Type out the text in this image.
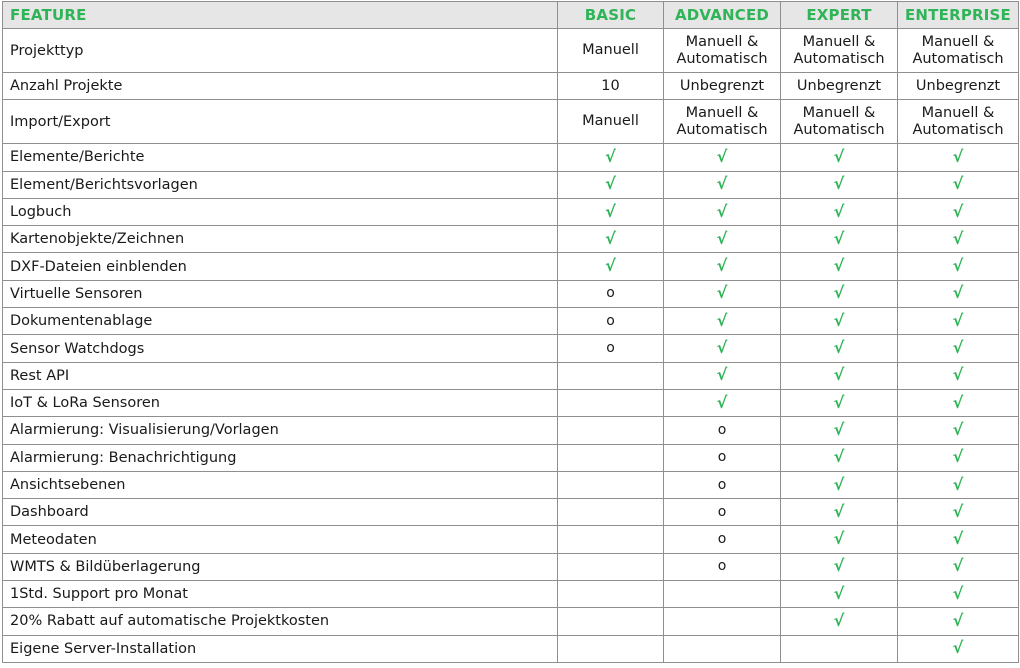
FEATURE	BASIC	ADVANCED	EXPERT	ENTERPRISE
Projekttyp	Manuell	Manuell & Automatisch	Manuell & Automatisch	Manuell & Automatisch
Anzahl Projekte	10	Unbegrenzt	Unbegrenzt	Unbegrenzt
Import/Export	Manuell	Manuell & Automatisch	Manuell & Automatisch	Manuell & Automatisch
Elemente/Berichte	√	√	√	√
Element/Berichtsvorlagen	√	√	√	√
Logbuch	√	√	√	√
Kartenobjekte/Zeichnen	√	√	√	√
DXF-Dateien einblenden	√	√	√	√
Virtuelle Sensoren	o	√	√	√
Dokumentenablage	o	√	√	√
Sensor Watchdogs	o	√	√	√
Rest API		√	√	√
IoT & LoRa Sensoren		√	√	√
Alarmierung: Visualisierung/Vorlagen		o	√	√
Alarmierung: Benachrichtigung		o	√	√
Ansichtsebenen		o	√	√
Dashboard		o	√	√
Meteodaten		o	√	√
WMTS & Bildüberlagerung		o	√	√
1Std. Support pro Monat			√	√
20% Rabatt auf automatische Projektkosten			√	√
Eigene Server-Installation				√
